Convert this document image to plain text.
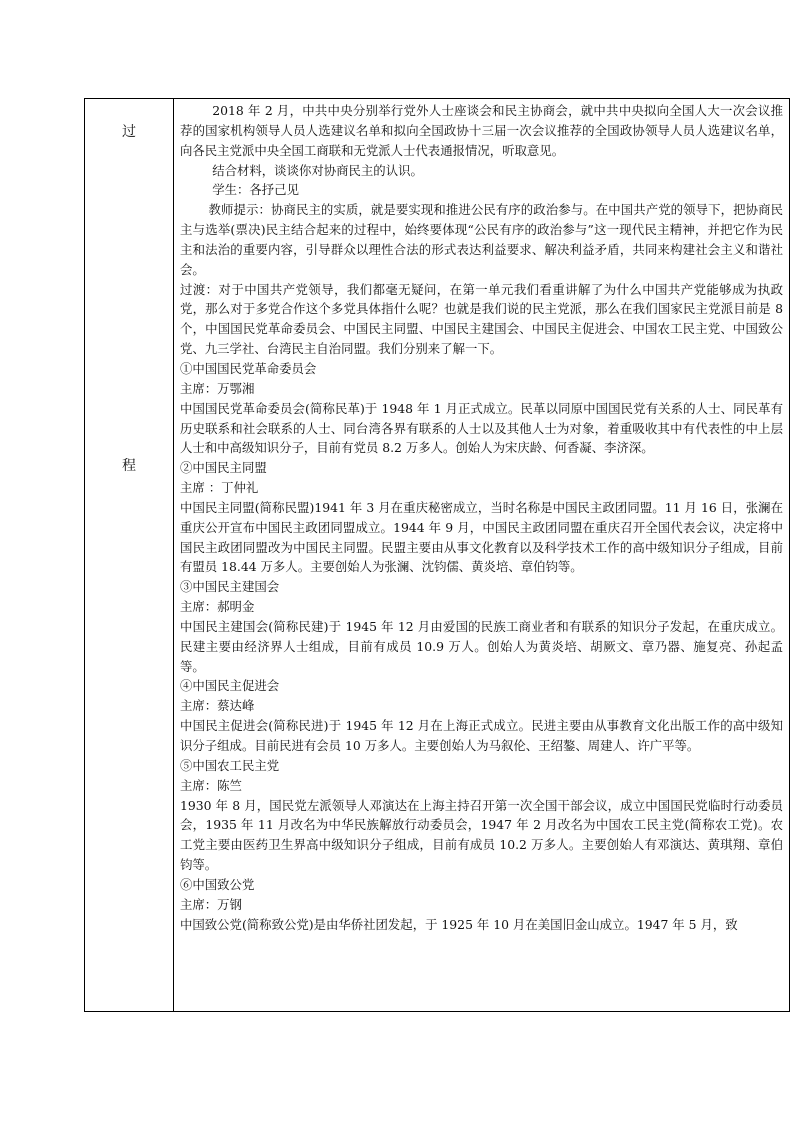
过
程

2018 年 2 月，中共中央分别举行党外人士座谈会和民主协商会，就中共中央拟向全国人大一次会议推荐的国家机构领导人员人选建议名单和拟向全国政协十三届一次会议推荐的全国政协领导人员人选建议名单，向各民主党派中央全国工商联和无党派人士代表通报情况，听取意见。

结合材料，谈谈你对协商民主的认识。

学生：各抒己见

教师提示：协商民主的实质，就是要实现和推进公民有序的政治参与。在中国共产党的领导下，把协商民主与选举(票决)民主结合起来的过程中，始终要体现“公民有序的政治参与”这一现代民主精神，并把它作为民主和法治的重要内容，引导群众以理性合法的形式表达利益要求、解决利益矛盾，共同来构建社会主义和谐社会。

过渡：对于中国共产党领导，我们都毫无疑问，在第一单元我们看重讲解了为什么中国共产党能够成为执政党，那么对于多党合作这个多党具体指什么呢？也就是我们说的民主党派，那么在我们国家民主党派目前是 8 个，中国国民党革命委员会、中国民主同盟、中国民主建国会、中国民主促进会、中国农工民主党、中国致公党、九三学社、台湾民主自治同盟。我们分别来了解一下。

①中国国民党革命委员会

主席：万鄂湘

中国国民党革命委员会(简称民革)于 1948 年 1 月正式成立。民革以同原中国国民党有关系的人士、同民革有历史联系和社会联系的人士、同台湾各界有联系的人士以及其他人士为对象，着重吸收其中有代表性的中上层人士和中高级知识分子，目前有党员 8.2 万多人。创始人为宋庆龄、何香凝、李济深。

②中国民主同盟

主席 ：丁仲礼

中国民主同盟(简称民盟)1941 年 3 月在重庆秘密成立，当时名称是中国民主政团同盟。11 月 16 日，张澜在重庆公开宣布中国民主政团同盟成立。1944 年 9 月，中国民主政团同盟在重庆召开全国代表会议，决定将中国民主政团同盟改为中国民主同盟。民盟主要由从事文化教育以及科学技术工作的高中级知识分子组成，目前有盟员 18.44 万多人。主要创始人为张澜、沈钧儒、黄炎培、章伯钧等。

③中国民主建国会

主席：郝明金

中国民主建国会(简称民建)于 1945 年 12 月由爱国的民族工商业者和有联系的知识分子发起，在重庆成立。民建主要由经济界人士组成，目前有成员 10.9 万人。创始人为黄炎培、胡厥文、章乃器、施复亮、孙起孟等。

④中国民主促进会

主席：蔡达峰

中国民主促进会(简称民进)于 1945 年 12 月在上海正式成立。民进主要由从事教育文化出版工作的高中级知识分子组成。目前民进有会员 10 万多人。主要创始人为马叙伦、王绍鏊、周建人、许广平等。

⑤中国农工民主党

主席：陈竺

1930 年 8 月，国民党左派领导人邓演达在上海主持召开第一次全国干部会议，成立中国国民党临时行动委员会，1935 年 11 月改名为中华民族解放行动委员会，1947 年 2 月改名为中国农工民主党(简称农工党)。农工党主要由医药卫生界高中级知识分子组成，目前有成员 10.2 万多人。主要创始人有邓演达、黄琪翔、章伯钧等。

⑥中国致公党

主席：万钢

中国致公党(简称致公党)是由华侨社团发起，于 1925 年 10 月在美国旧金山成立。1947 年 5 月，致
